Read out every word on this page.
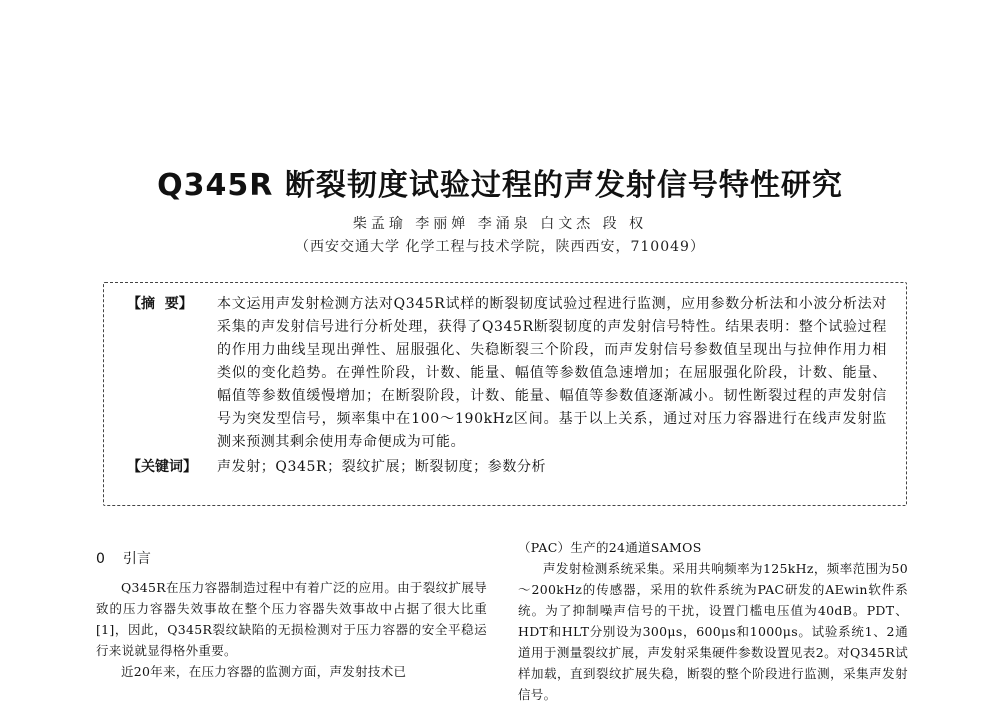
Q345R 断裂韧度试验过程的声发射信号特性研究
柴孟瑜 李丽婵 李涌泉 白文杰 段 权
（西安交通大学 化学工程与技术学院，陕西西安，710049）
【摘  要】	本文运用声发射检测方法对Q345R试样的断裂韧度试验过程进行监测，应用参数分析法和小波分析法对采集的声发射信号进行分析处理，获得了Q345R断裂韧度的声发射信号特性。结果表明：整个试验过程的作用力曲线呈现出弹性、屈服强化、失稳断裂三个阶段，而声发射信号参数值呈现出与拉伸作用力相类似的变化趋势。在弹性阶段，计数、能量、幅值等参数值急速增加；在屈服强化阶段，计数、能量、幅值等参数值缓慢增加；在断裂阶段，计数、能量、幅值等参数值逐渐减小。韧性断裂过程的声发射信号为突发型信号，频率集中在100～190kHz区间。基于以上关系，通过对压力容器进行在线声发射监测来预测其剩余使用寿命便成为可能。
【关键词】	声发射；Q345R；裂纹扩展；断裂韧度；参数分析
0 引言

Q345R在压力容器制造过程中有着广泛的应用。由于裂纹扩展导致的压力容器失效事故在整个压力容器失效事故中占据了很大比重[1]，因此，Q345R裂纹缺陷的无损检测对于压力容器的安全平稳运行来说就显得格外重要。

近20年来，在压力容器的监测方面，声发射技术已

（PAC）生产的24通道SAMOS

声发射检测系统采集。采用共响频率为125kHz，频率范围为50～200kHz的传感器，采用的软件系统为PAC研发的AEwin软件系统。为了抑制噪声信号的干扰，设置门槛电压值为40dB。PDT、HDT和HLT分别设为300μs，600μs和1000μs。试验系统1、2通道用于测量裂纹扩展，声发射采集硬件参数设置见表2。对Q345R试样加载，直到裂纹扩展失稳，断裂的整个阶段进行监测，采集声发射信号。
